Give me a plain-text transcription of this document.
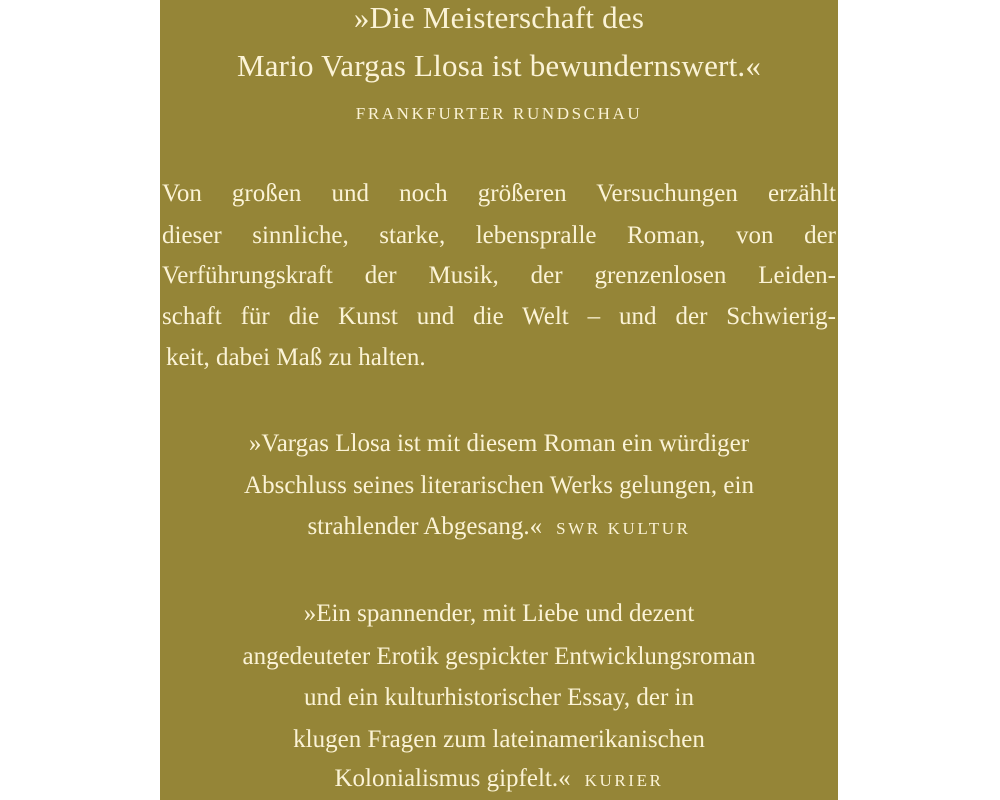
»Die Meisterschaft des
Mario Vargas Llosa ist bewundernswert.«
FRANKFURTER RUNDSCHAU
Von großen und noch größeren Versuchungen erzählt
dieser sinnliche, starke, lebenspralle Roman, von der
Verführungskraft der Musik, der grenzenlosen Leiden-
schaft für die Kunst und die Welt – und der Schwierig-
keit, dabei Maß zu halten.
»Vargas Llosa ist mit diesem Roman ein würdiger
Abschluss seines literarischen Werks gelungen, ein
strahlender Abgesang.« SWR KULTUR
»Ein spannender, mit Liebe und dezent
angedeuteter Erotik gespickter Entwicklungsroman
und ein kulturhistorischer Essay, der in
klugen Fragen zum lateinamerikanischen
Kolonialismus gipfelt.« KURIER
